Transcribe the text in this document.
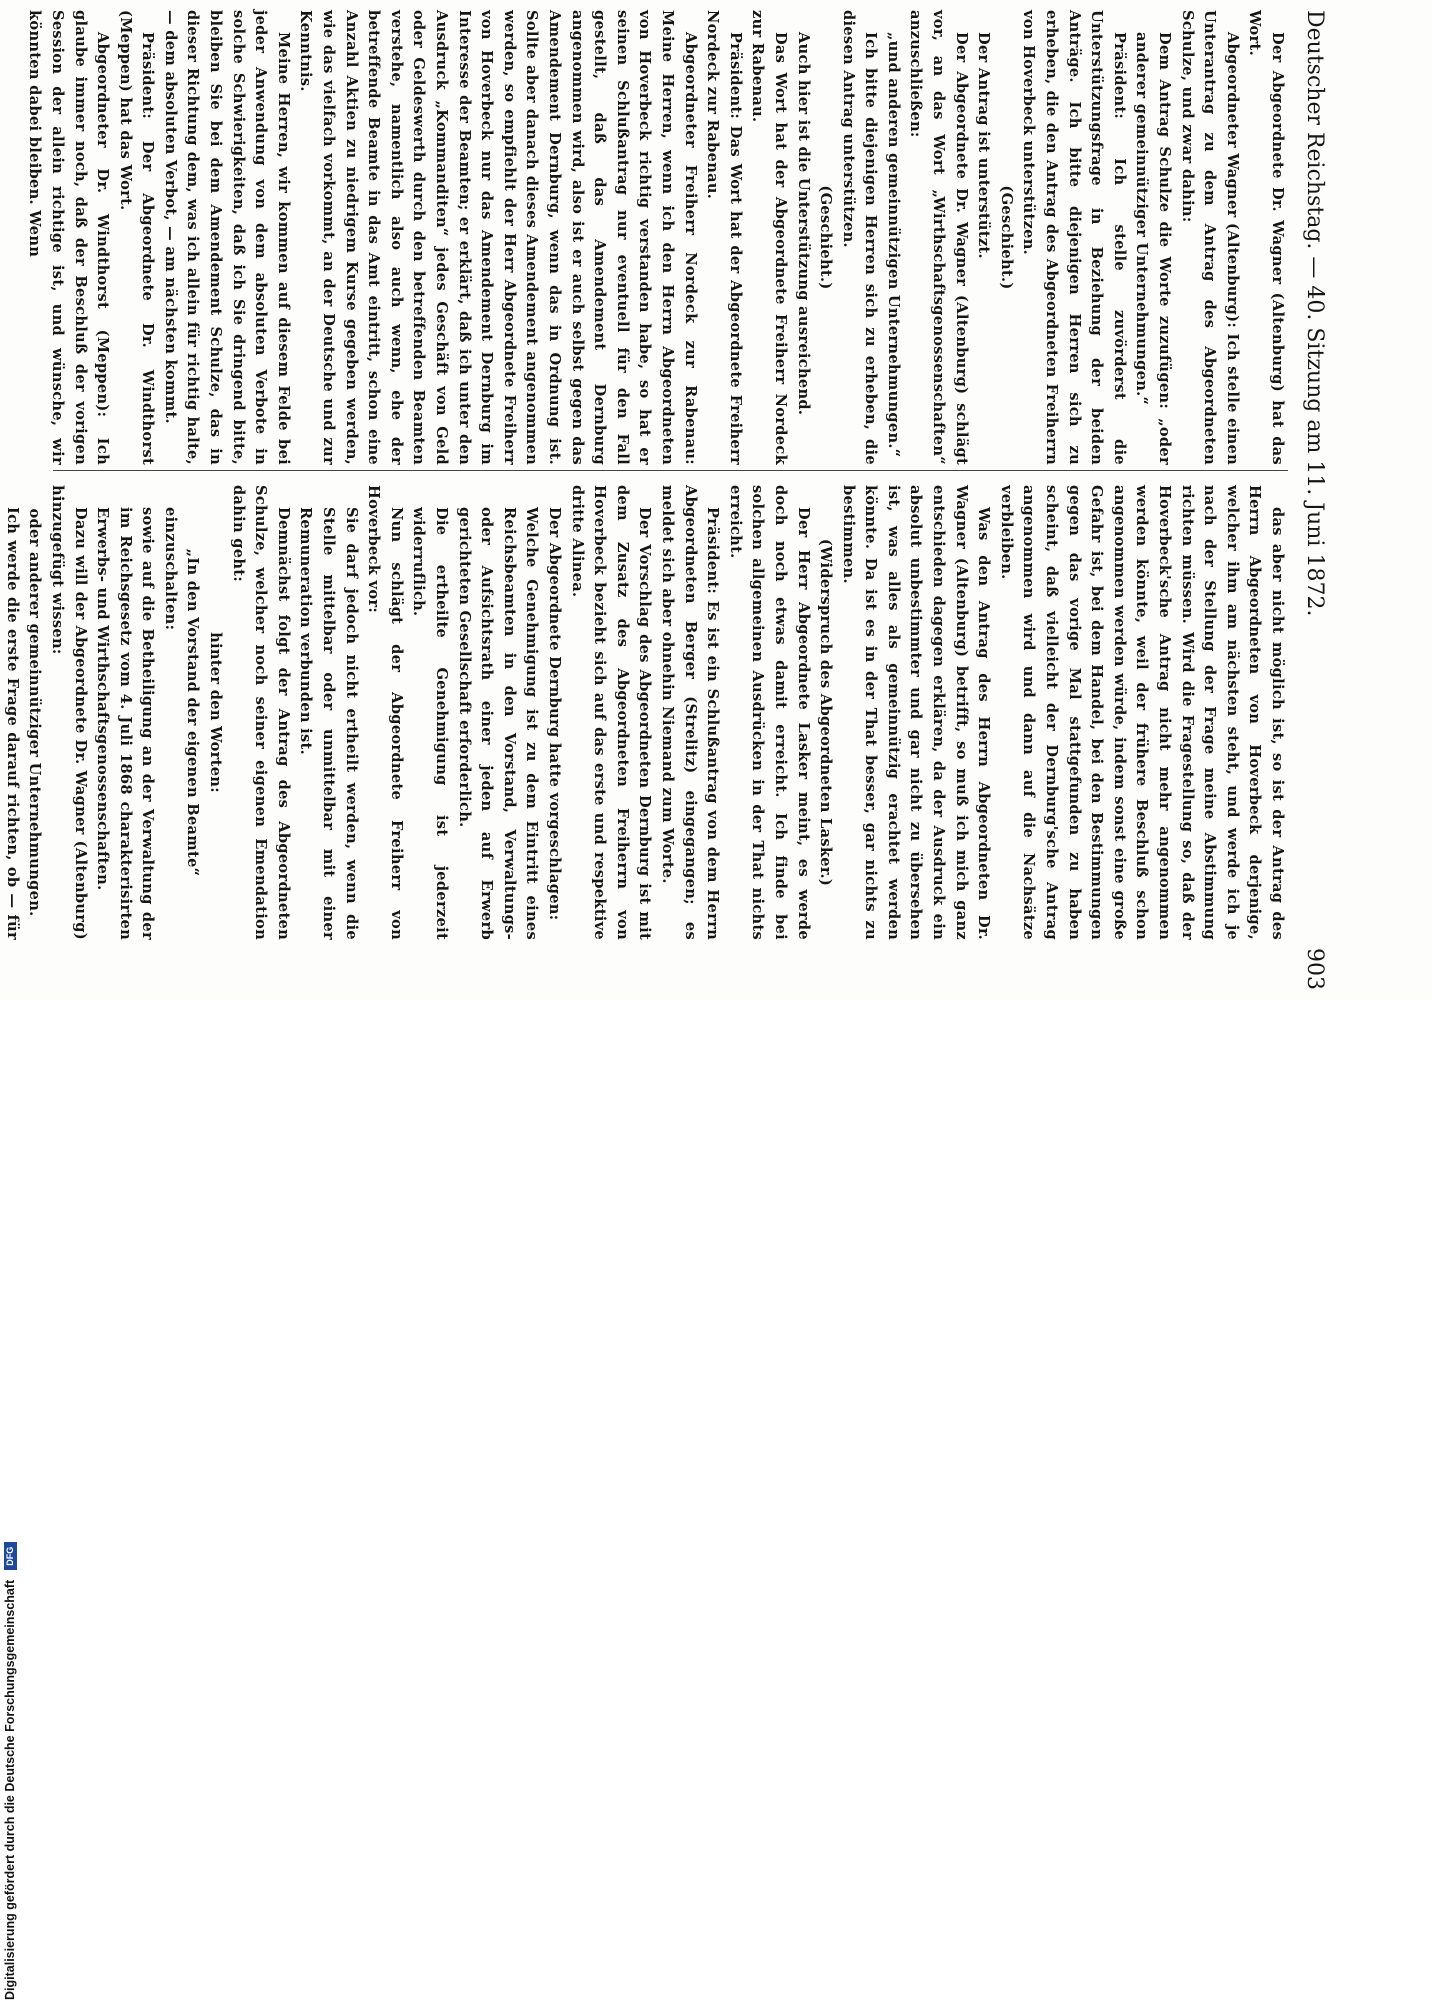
Deutscher Reichstag. — 40. Sitzung am 11. Juni 1872.
903

Der Abgeordnete Dr. Wagner (Altenburg) hat das Wort.

Abgeordneter Wagner (Altenburg): Ich stelle einen Unterantrag zu dem Antrag des Abgeordneten Schulze, und zwar dahin:

Dem Antrag Schulze die Worte zuzufügen: „oder anderer gemeinnütziger Unternehmungen.“

Präsident: Ich stelle zuvörderst die Unterstützungsfrage in Beziehung der beiden Anträge. Ich bitte diejenigen Herren sich zu erheben, die den Antrag des Abgeordneten Freiherrn von Hoverbeck unterstützen.

(Geschieht.)

Der Antrag ist unterstützt.

Der Abgeordnete Dr. Wagner (Altenburg) schlägt vor, an das Wort „Wirthschaftsgenossenschaften“ anzuschließen:

„und anderen gemeinnützigen Unternehmungen.“

Ich bitte diejenigen Herren sich zu erheben, die diesen Antrag unterstützen.

(Geschieht.)

Auch hier ist die Unterstützung ausreichend.

Das Wort hat der Abgeordnete Freiherr Nordeck zur Rabenau.

Präsident: Das Wort hat der Abgeordnete Freiherr Nordeck zur Rabenau.

Abgeordneter Freiherr Nordeck zur Rabenau: Meine Herren, wenn ich den Herrn Abgeordneten von Hoverbeck richtig verstanden habe, so hat er seinen Schlußantrag nur eventuell für den Fall gestellt, daß das Amendement Dernburg angenommen wird, also ist er auch selbst gegen das Amendement Dernburg, wenn das in Ordnung ist. Sollte aber danach dieses Amendement angenommen werden, so empfiehlt der Herr Abgeordnete Freiherr von Hoverbeck nur das Amendement Dernburg im Interesse der Beamten; er erklärt, daß ich unter den Ausdruck „Kommanditen“ jedes Geschäft von Geld oder Geldeswerth durch den betreffenden Beamten verstehe, namentlich also auch wenn, ehe der betreffende Beamte in das Amt eintritt, schon eine Anzahl Aktien zu niedrigem Kurse gegeben werden, wie das vielfach vorkommt, an der Deutsche und zur Kenntnis.

Meine Herren, wir kommen auf diesem Felde bei jeder Anwendung von dem absoluten Verbote in solche Schwierigkeiten, daß ich Sie dringend bitte, bleiben Sie bei dem Amendement Schulze, das in dieser Richtung dem, was ich allein für richtig halte, — dem absoluten Verbot, — am nächsten kommt.

Präsident: Der Abgeordnete Dr. Windthorst (Meppen) hat das Wort.

Abgeordneter Dr. Windthorst (Meppen): Ich glaube immer noch, daß der Beschluß der vorigen Session der allein richtige ist, und wünsche, wir könnten dabei bleiben. Wenn

das aber nicht möglich ist, so ist der Antrag des Herrn Abgeordneten von Hoverbeck derjenige, welcher ihm am nächsten steht, und werde ich je nach der Stellung der Frage meine Abstimmung richten müssen. Wird die Fragestellung so, daß der Hoverbeck'sche Antrag nicht mehr angenommen werden könnte, weil der frühere Beschluß schon angenommen werden würde, indem sonst eine große Gefahr ist, bei dem Handel, bei den Bestimmungen gegen das vorige Mal stattgefunden zu haben scheint, daß vielleicht der Dernburg'sche Antrag angenommen wird und dann auf die Nachsätze verbleiben.

Was den Antrag des Herrn Abgeordneten Dr. Wagner (Altenburg) betrifft, so muß ich mich ganz entschieden dagegen erklären, da der Ausdruck ein absolut unbestimmter und gar nicht zu übersehen ist, was alles als gemeinnützig erachtet werden könnte. Da ist es in der That besser, gar nichts zu bestimmen.

(Widerspruch des Abgeordneten Lasker.)

Der Herr Abgeordnete Lasker meint, es werde doch noch etwas damit erreicht. Ich finde bei solchen allgemeinen Ausdrücken in der That nichts erreicht.

Präsident: Es ist ein Schlußantrag von dem Herrn Abgeordneten Berger (Strelitz) eingegangen; es meldet sich aber ohnehin Niemand zum Worte.

Der Vorschlag des Abgeordneten Dernburg ist mit dem Zusatz des Abgeordneten Freiherrn von Hoverbeck bezieht sich auf das erste und respektive dritte Alinea.

Der Abgeordnete Dernburg hatte vorgeschlagen:

Welche Genehmigung ist zu dem Eintritt eines Reichsbeamten in den Vorstand, Verwaltungs- oder Aufsichtsrath einer jeden auf Erwerb gerichteten Gesellschaft erforderlich.

Die ertheilte Genehmigung ist jederzeit widerruflich.

Nun schlägt der Abgeordnete Freiherr von Hoverbeck vor:

Sie darf jedoch nicht ertheilt werden, wenn die Stelle mittelbar oder unmittelbar mit einer Remuneration verbunden ist.

Demnächst folgt der Antrag des Abgeordneten Schulze, welcher noch seiner eigenen Emendation dahin geht:

hinter den Worten:

„In den Vorstand der eigenen Beamte“

einzuschalten:

sowie auf die Betheiligung an der Verwaltung der im Reichsgesetz vom 4. Juli 1868 charakterisirten Erwerbs- und Wirthschaftsgenossenschaften.

Dazu will der Abgeordnete Dr. Wagner (Altenburg) hinzugefügt wissen:

oder anderer gemeinnütziger Unternehmungen.

Ich werde die erste Frage darauf richten, ob — für

Digitalisierung gefördert durch die Deutsche Forschungsgemeinschaft DFG
